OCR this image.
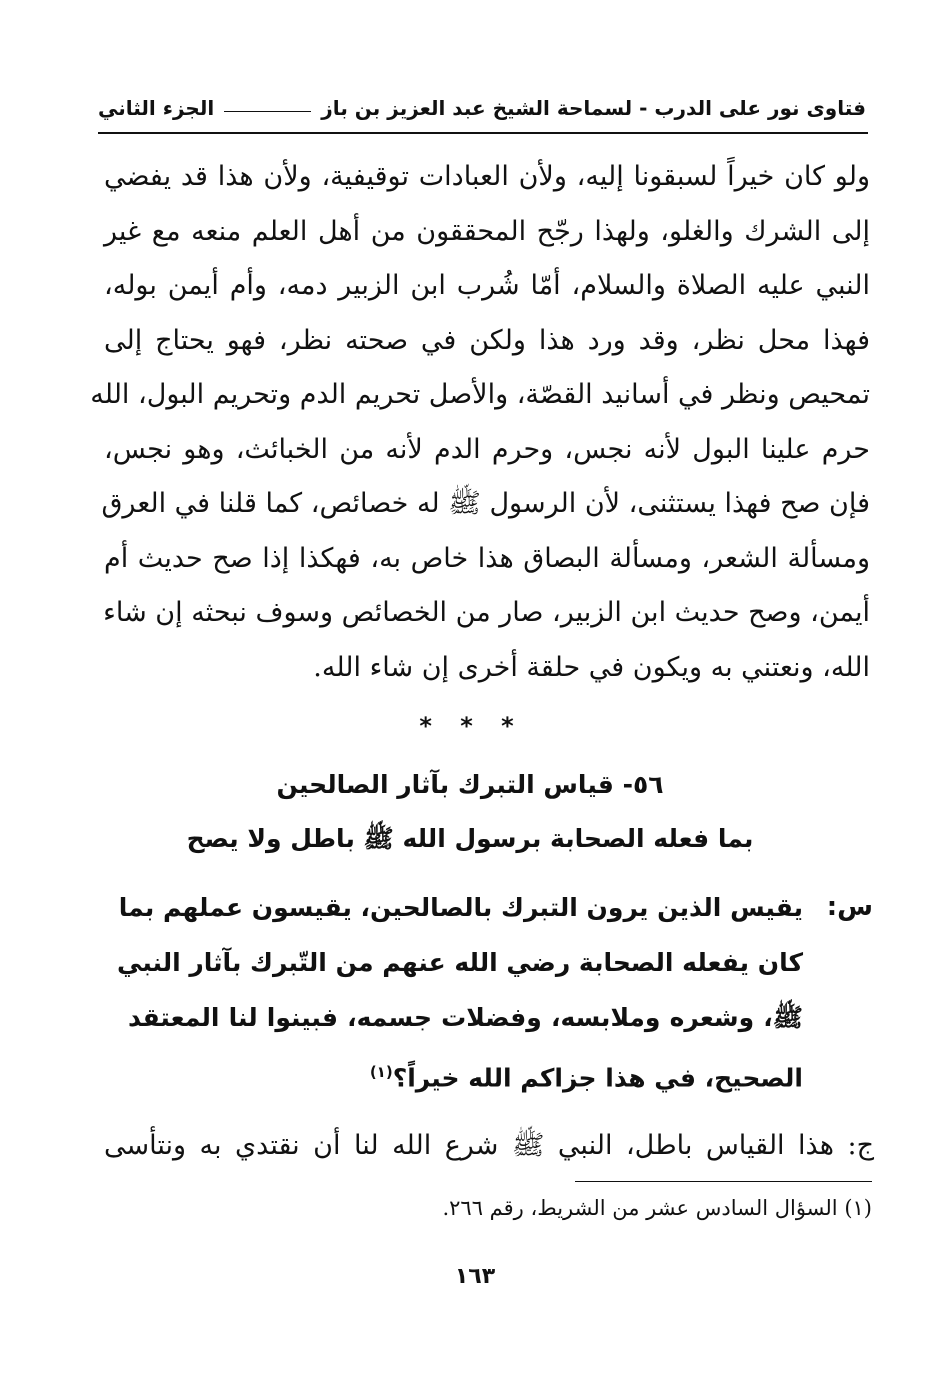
فتاوى نور على الدرب - لسماحة الشيخ عبد العزيز بن باز
الجزء الثاني
ولو كان خيراً لسبقونا إليه، ولأن العبادات توقيفية، ولأن هذا قد يفضي
إلى الشرك والغلو، ولهذا رجّح المحققون من أهل العلم منعه مع غير
النبي عليه الصلاة والسلام، أمّا شُرب ابن الزبير دمه، وأم أيمن بوله،
فهذا محل نظر، وقد ورد هذا ولكن في صحته نظر، فهو يحتاج إلى
تمحيص ونظر في أسانيد القصّة، والأصل تحريم الدم وتحريم البول، الله
حرم علينا البول لأنه نجس، وحرم الدم لأنه من الخبائث، وهو نجس،
فإن صح فهذا يستثنى، لأن الرسول ﷺ له خصائص، كما قلنا في العرق
ومسألة الشعر، ومسألة البصاق هذا خاص به، فهكذا إذا صح حديث أم
أيمن، وصح حديث ابن الزبير، صار من الخصائص وسوف نبحثه إن شاء
الله، ونعتني به ويكون في حلقة أخرى إن شاء الله.
* * *
٥٦- قياس التبرك بآثار الصالحين
بما فعله الصحابة برسول الله ﷺ باطل ولا يصح
س:
يقيس الذين يرون التبرك بالصالحين، يقيسون عملهم بما
كان يفعله الصحابة رضي الله عنهم من التّبرك بآثار النبي
ﷺ، وشعره وملابسه، وفضلات جسمه، فبينوا لنا المعتقد
الصحيح، في هذا جزاكم الله خيراً؟$^{(١)}$
ج: هذا القياس باطل، النبي ﷺ شرع الله لنا أن نقتدي به ونتأسى
(١) السؤال السادس عشر من الشريط، رقم ٢٦٦.
١٦٣
